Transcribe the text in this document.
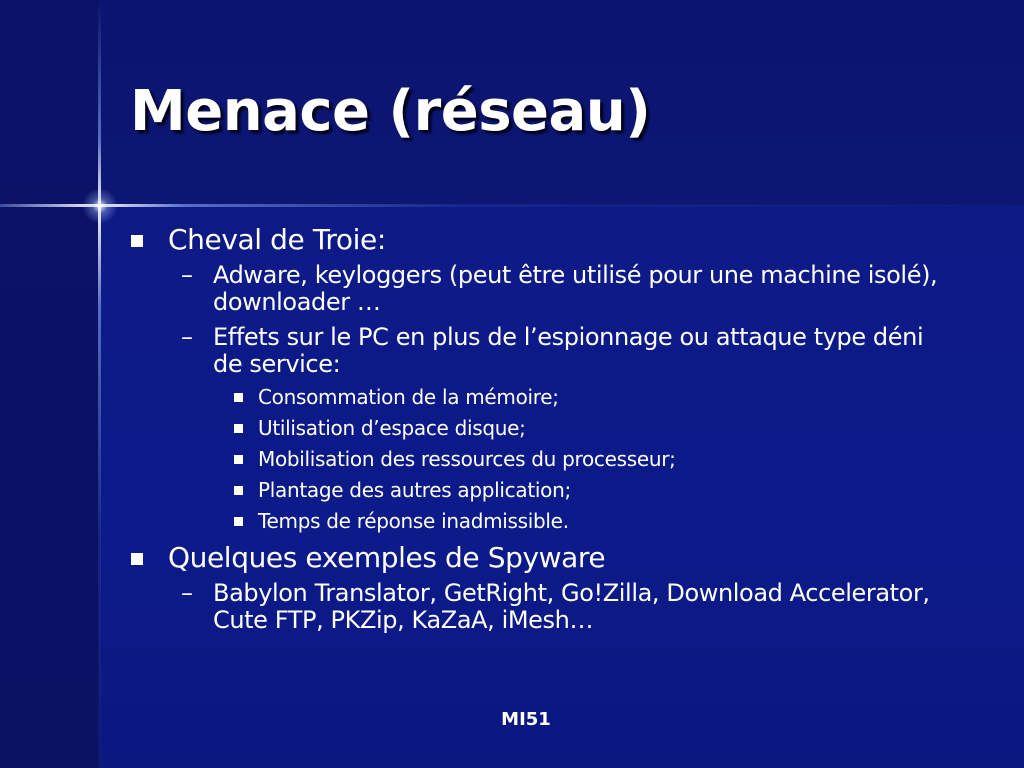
Menace (réseau)
Cheval de Troie:
– Adware, keyloggers (peut être utilisé pour une machine isolé), downloader …
– Effets sur le PC en plus de l’espionnage ou attaque type déni de service:
Consommation de la mémoire;
Utilisation d’espace disque;
Mobilisation des ressources du processeur;
Plantage des autres application;
Temps de réponse inadmissible.
Quelques exemples de Spyware
– Babylon Translator, GetRight, Go!Zilla, Download Accelerator, Cute FTP, PKZip, KaZaA, iMesh…
MI51
